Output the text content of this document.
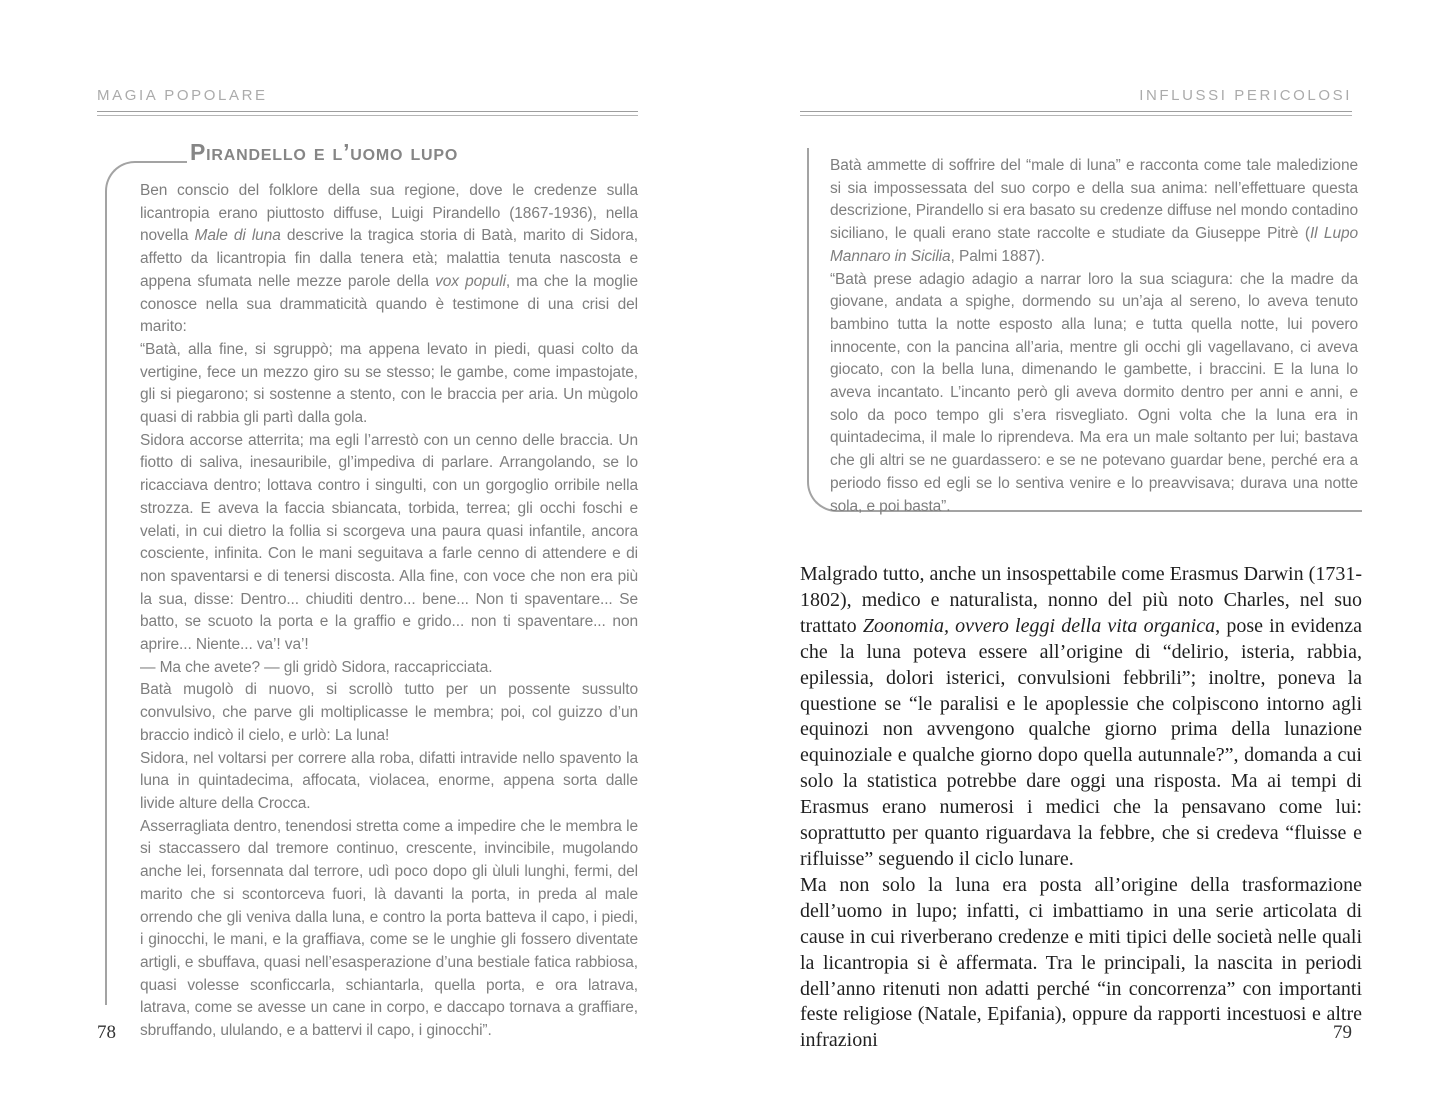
MAGIA POPOLARE
Pirandello e l’uomo lupo

Ben conscio del folklore della sua regione, dove le credenze sulla licantropia erano piuttosto diffuse, Luigi Pirandello (1867-1936), nella novella Male di luna descrive la tragica storia di Batà, marito di Sidora, affetto da licantropia fin dalla tenera età; malattia tenuta nascosta e appena sfumata nelle mezze parole della vox populi, ma che la moglie conosce nella sua drammaticità quando è testimone di una crisi del marito:

“Batà, alla fine, si sgruppò; ma appena levato in piedi, quasi colto da vertigine, fece un mezzo giro su se stesso; le gambe, come impastojate, gli si piegarono; si sostenne a stento, con le braccia per aria. Un mùgolo quasi di rabbia gli partì dalla gola.

Sidora accorse atterrita; ma egli l’arrestò con un cenno delle braccia. Un fiotto di saliva, inesauribile, gl’impediva di parlare. Arrangolando, se lo ricacciava dentro; lottava contro i singulti, con un gorgoglio orribile nella strozza. E aveva la faccia sbiancata, torbida, terrea; gli occhi foschi e velati, in cui dietro la follia si scorgeva una paura quasi infantile, ancora cosciente, infinita. Con le mani seguitava a farle cenno di attendere e di non spaventarsi e di tenersi discosta. Alla fine, con voce che non era più la sua, disse: Dentro... chiuditi dentro... bene... Non ti spaventare... Se batto, se scuoto la porta e la graffio e grido... non ti spaventare... non aprire... Niente... va’! va’!

— Ma che avete? — gli gridò Sidora, raccapricciata.

Batà mugolò di nuovo, si scrollò tutto per un possente sussulto convulsivo, che parve gli moltiplicasse le membra; poi, col guizzo d’un braccio indicò il cielo, e urlò: La luna!

Sidora, nel voltarsi per correre alla roba, difatti intravide nello spavento la luna in quintadecima, affocata, violacea, enorme, appena sorta dalle livide alture della Crocca.

Asserragliata dentro, tenendosi stretta come a impedire che le membra le si staccassero dal tremore continuo, crescente, invincibile, mugolando anche lei, forsennata dal terrore, udì poco dopo gli ùluli lunghi, fermi, del marito che si scontorceva fuori, là davanti la porta, in preda al male orrendo che gli veniva dalla luna, e contro la porta batteva il capo, i piedi, i ginocchi, le mani, e la graffiava, come se le unghie gli fossero diventate artigli, e sbuffava, quasi nell’esasperazione d’una bestiale fatica rabbiosa, quasi volesse sconficcarla, schiantarla, quella porta, e ora latrava, latrava, come se avesse un cane in corpo, e daccapo tornava a graffiare, sbruffando, ululando, e a battervi il capo, i ginocchi”.

78
INFLUSSI PERICOLOSI

Batà ammette di soffrire del “male di luna” e racconta come tale maledizione si sia impossessata del suo corpo e della sua anima: nell’effettuare questa descrizione, Pirandello si era basato su credenze diffuse nel mondo contadino siciliano, le quali erano state raccolte e studiate da Giuseppe Pitrè (Il Lupo Mannaro in Sicilia, Palmi 1887).

“Batà prese adagio adagio a narrar loro la sua sciagura: che la madre da giovane, andata a spighe, dormendo su un’aja al sereno, lo aveva tenuto bambino tutta la notte esposto alla luna; e tutta quella notte, lui povero innocente, con la pancina all’aria, mentre gli occhi gli vagellavano, ci aveva giocato, con la bella luna, dimenando le gambette, i braccini. E la luna lo aveva incantato. L’incanto però gli aveva dormito dentro per anni e anni, e solo da poco tempo gli s’era risvegliato. Ogni volta che la luna era in quintadecima, il male lo riprendeva. Ma era un male soltanto per lui; bastava che gli altri se ne guardassero: e se ne potevano guardar bene, perché era a periodo fisso ed egli se lo sentiva venire e lo preavvisava; durava una notte sola, e poi basta”.

Malgrado tutto, anche un insospettabile come Erasmus Darwin (1731-1802), medico e naturalista, nonno del più noto Charles, nel suo trattato Zoonomia, ovvero leggi della vita organica, pose in evidenza che la luna poteva essere all’origine di “delirio, isteria, rabbia, epilessia, dolori isterici, convulsioni febbrili”; inoltre, poneva la questione se “le paralisi e le apoplessie che colpiscono intorno agli equinozi non avvengono qualche giorno prima della lunazione equinoziale e qualche giorno dopo quella autunnale?”, domanda a cui solo la statistica potrebbe dare oggi una risposta. Ma ai tempi di Erasmus erano numerosi i medici che la pensavano come lui: soprattutto per quanto riguardava la febbre, che si credeva “fluisse e rifluisse” seguendo il ciclo lunare.

Ma non solo la luna era posta all’origine della trasformazione dell’uomo in lupo; infatti, ci imbattiamo in una serie articolata di cause in cui riverberano credenze e miti tipici delle società nelle quali la licantropia si è affermata. Tra le principali, la nascita in periodi dell’anno ritenuti non adatti perché “in concorrenza” con importanti feste religiose (Natale, Epifania), oppure da rapporti incestuosi e altre infrazioni	79
